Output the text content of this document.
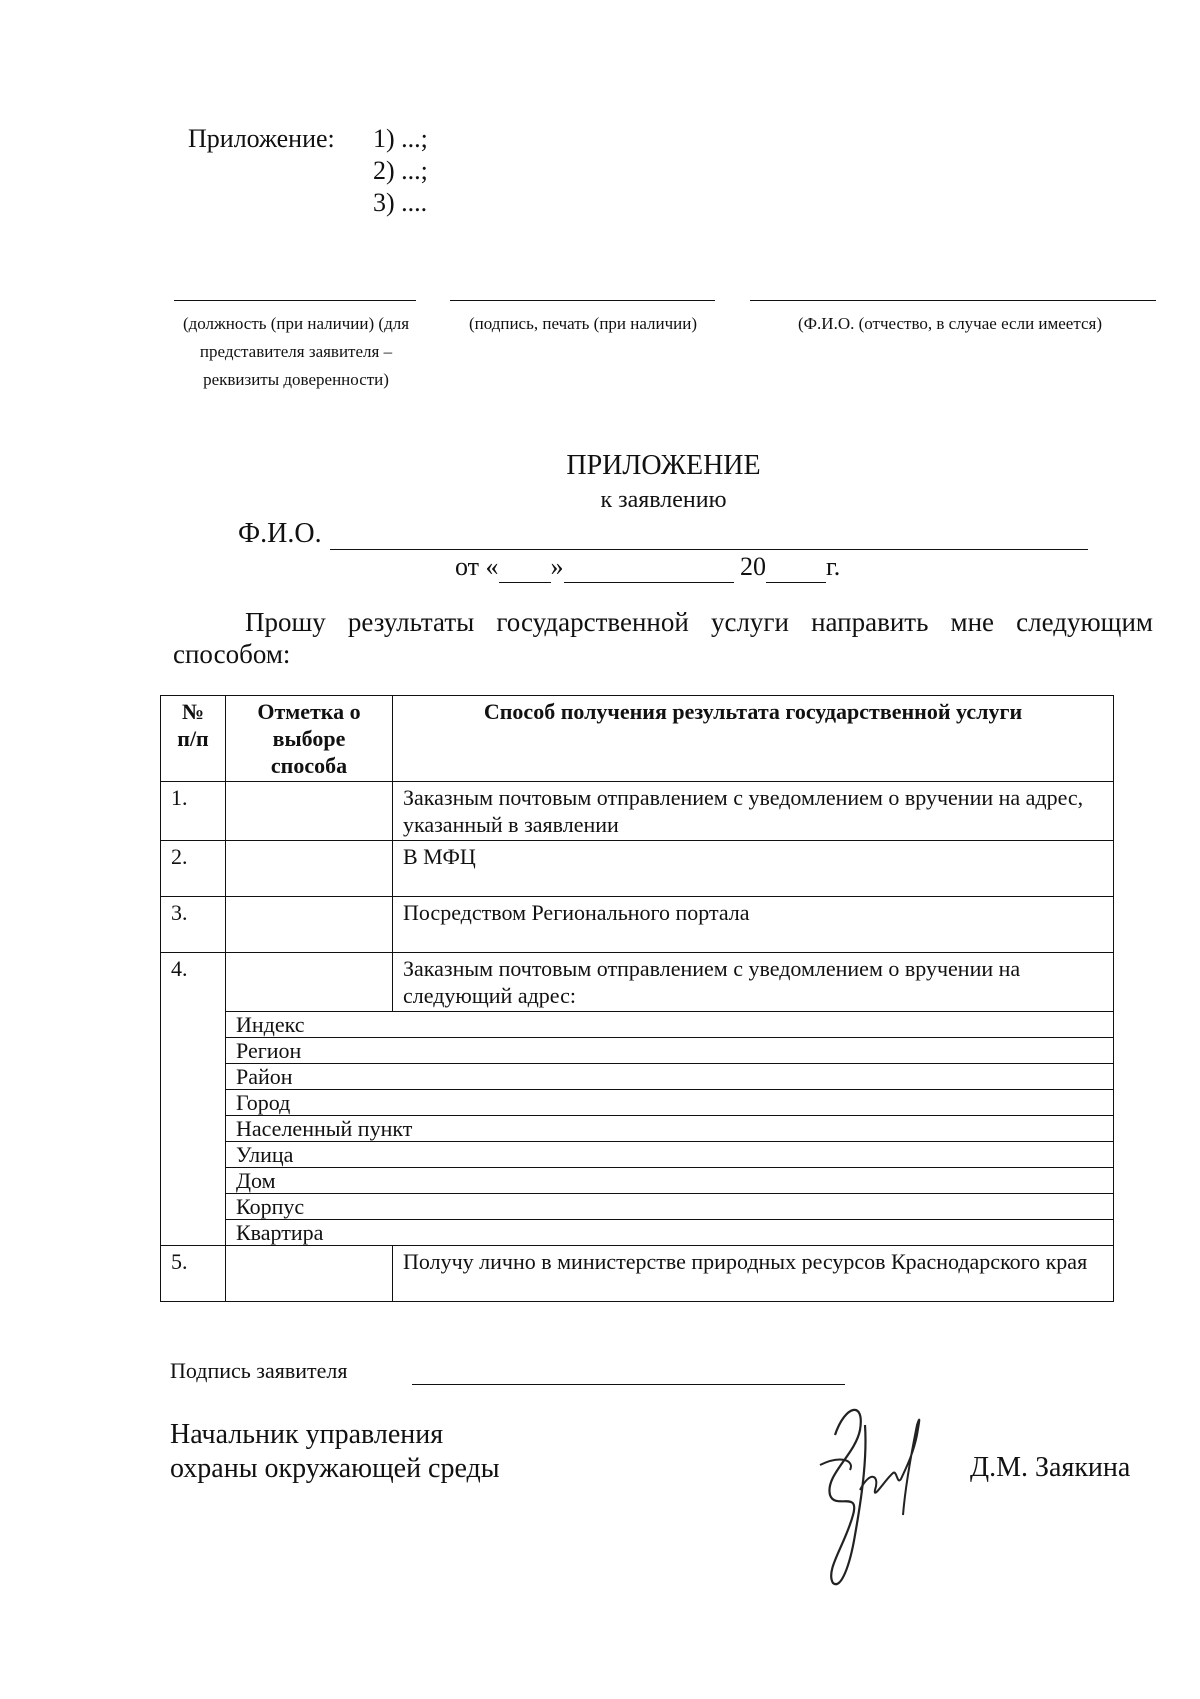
Приложение: 1) ...;
2) ...;
3) ....
(должность (при наличии) (для представителя заявителя – реквизиты доверенности)
(подпись, печать (при наличии)	(Ф.И.О. (отчество, в случае если имеется)
ПРИЛОЖЕНИЕ
к заявлению
Ф.И.О.
от « »	20 г.
Прошу результаты государственной услуги направить мне следующим способом:
№ п/п	Отметка о выборе способа	Способ получения результата государственной услуги
1.		Заказным почтовым отправлением с уведомлением о вручении на адрес, указанный в заявлении
2.		В МФЦ
3.		Посредством Регионального портала
4.		Заказным почтовым отправлением с уведомлением о вручении на следующий адрес:
	Индекс	
	Регион	
	Район	
	Город	
	Населенный пункт	
	Улица	
	Дом	
	Корпус	
	Квартира	
5.		Получу лично в министерстве природных ресурсов Краснодарского края
Подпись заявителя
Начальник управления
охраны окружающей среды	Д.М. Заякина
